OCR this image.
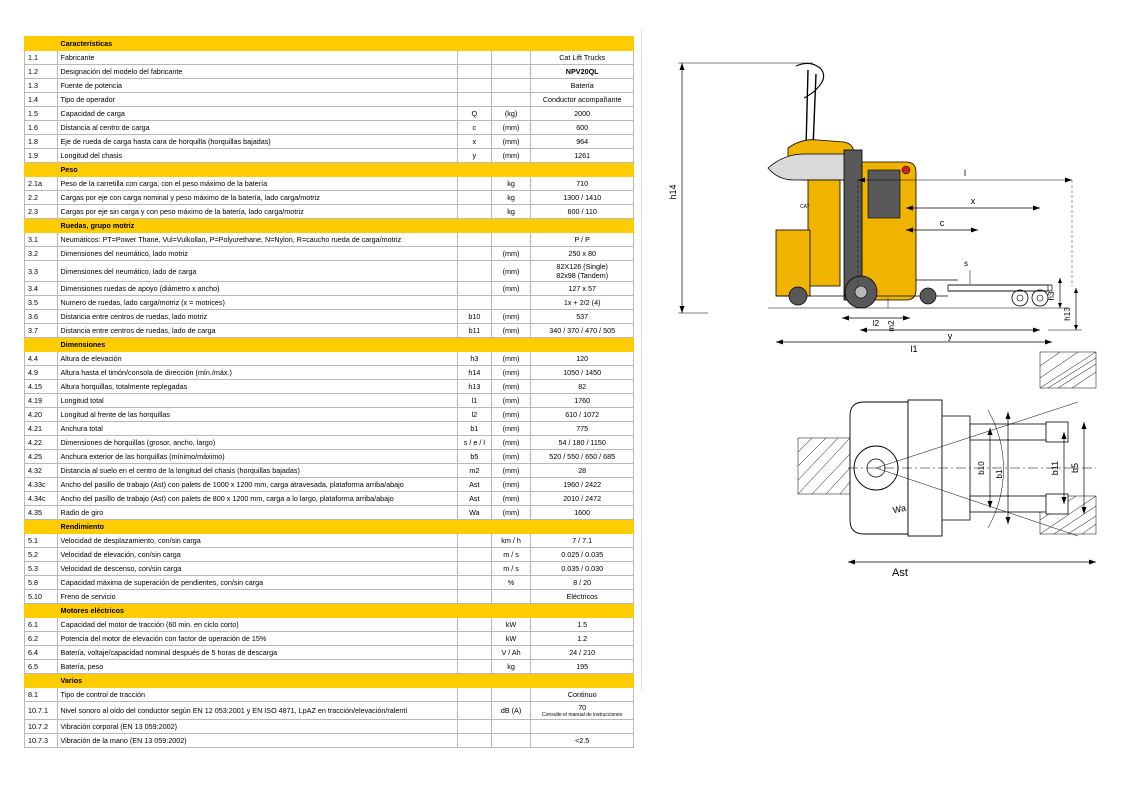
	Características			
1.1	Fabricante			Cat Lift Trucks
1.2	Designación del modelo del fabricante			NPV20QL
1.3	Fuente de potencia			Batería
1.4	Tipo de operador			Conductor acompañante
1.5	Capacidad de carga	Q	(kg)	2000
1.6	Distancia al centro de carga	c	(mm)	600
1.8	Eje de rueda de carga hasta cara de horquilla (horquillas bajadas)	x	(mm)	964
1.9	Longitud del chasis	y	(mm)	1261
	Peso			
2.1a	Peso de la carretilla con carga, con el peso máximo de la batería		kg	710
2.2	Cargas por eje con carga nominal y peso máximo de la batería, lado carga/motriz		kg	1300 / 1410
2.3	Cargas por eje sin carga y con peso máximo de la batería, lado carga/motriz		kg	600 / 110
	Ruedas, grupo motriz			
3.1	Neumáticos: PT=Power Thane, Vul=Vulkollan, P=Polyurethane, N=Nylon, R=caucho rueda de carga/motriz			P / P
3.2	Dimensiones del neumático, lado motriz		(mm)	250 x 80
3.3	Dimensiones del neumático, lado de carga		(mm)	82X126 (Single)
82x98 (Tandem)

3.4	Dimensiones ruedas de apoyo (diámetro x ancho)		(mm)	127 x 57
3.5	Numero de ruedas, lado carga/motriz (x = motrices)			1x + 2/2 (4)
3.6	Distancia entre centros de ruedas, lado motriz	b10	(mm)	537
3.7	Distancia entre centros de ruedas, lado de carga	b11	(mm)	340 / 370 / 470 / 505
	Dimensiones			
4.4	Altura de elevación	h3	(mm)	120
4.9	Altura hasta el timón/consola de dirección (mín./máx.)	h14	(mm)	1050 / 1450
4.15	Altura horquillas, totalmente replegadas	h13	(mm)	82
4.19	Longitud total	l1	(mm)	1760
4.20	Longitud al frente de las horquillas	l2	(mm)	610 / 1072
4.21	Anchura total	b1	(mm)	775
4.22	Dimensiones de horquillas (grosor, ancho, largo)	s / e / l	(mm)	54 / 180 / 1150
4.25	Anchura exterior de las horquillas (mínimo/máximo)	b5	(mm)	520 / 550 / 650 / 685
4.32	Distancia al suelo en el centro de la longitud del chasis (horquillas bajadas)	m2	(mm)	28
4.33c	Ancho del pasillo de trabajo (Ast) con palets de 1000 x 1200 mm, carga atravesada, plataforma arriba/abajo	Ast	(mm)	1960 / 2422
4.34c	Ancho del pasillo de trabajo (Ast) con palets de 800 x 1200 mm, carga a lo largo, plataforma arriba/abajo	Ast	(mm)	2010 / 2472
4.35	Radio de giro	Wa	(mm)	1600
	Rendimiento			
5.1	Velocidad de desplazamiento, con/sin carga		km / h	7 / 7.1
5.2	Velocidad de elevación, con/sin carga		m / s	0.025 / 0.035
5.3	Velocidad de descenso, con/sin carga		m / s	0.035 / 0.030
5.8	Capacidad máxima de superación de pendientes, con/sin carga		%	8 / 20
5.10	Freno de servicio			Eléctricos
	Motores eléctricos			
6.1	Capacidad del motor de tracción (60 min. en ciclo corto)		kW	1.5
6.2	Potencia del motor de elevación con factor de operación de 15%		kW	1.2
6.4	Batería, voltaje/capacidad nominal después de 5 horas de descarga		V / Ah	24 / 210
6.5	Batería, peso		kg	195
	Varios			
8.1	Tipo de control de tracción			Continuo
10.7.1	Nivel sonoro al oído del conductor según EN 12 053:2001 y EN ISO 4871, LpAZ en tracción/elevación/ralentí		dB (A)	70
Consulte el manual de instrucciones

10.7.2	Vibración corporal (EN 13 059:2002)			
10.7.3	Vibración de la mano (EN 13 059:2002)			<2.5
h14
l
x
c
s
h3
h13
l2 m2
y
l1
b10 b1	b11 b5
Wa
Ast
CAT
